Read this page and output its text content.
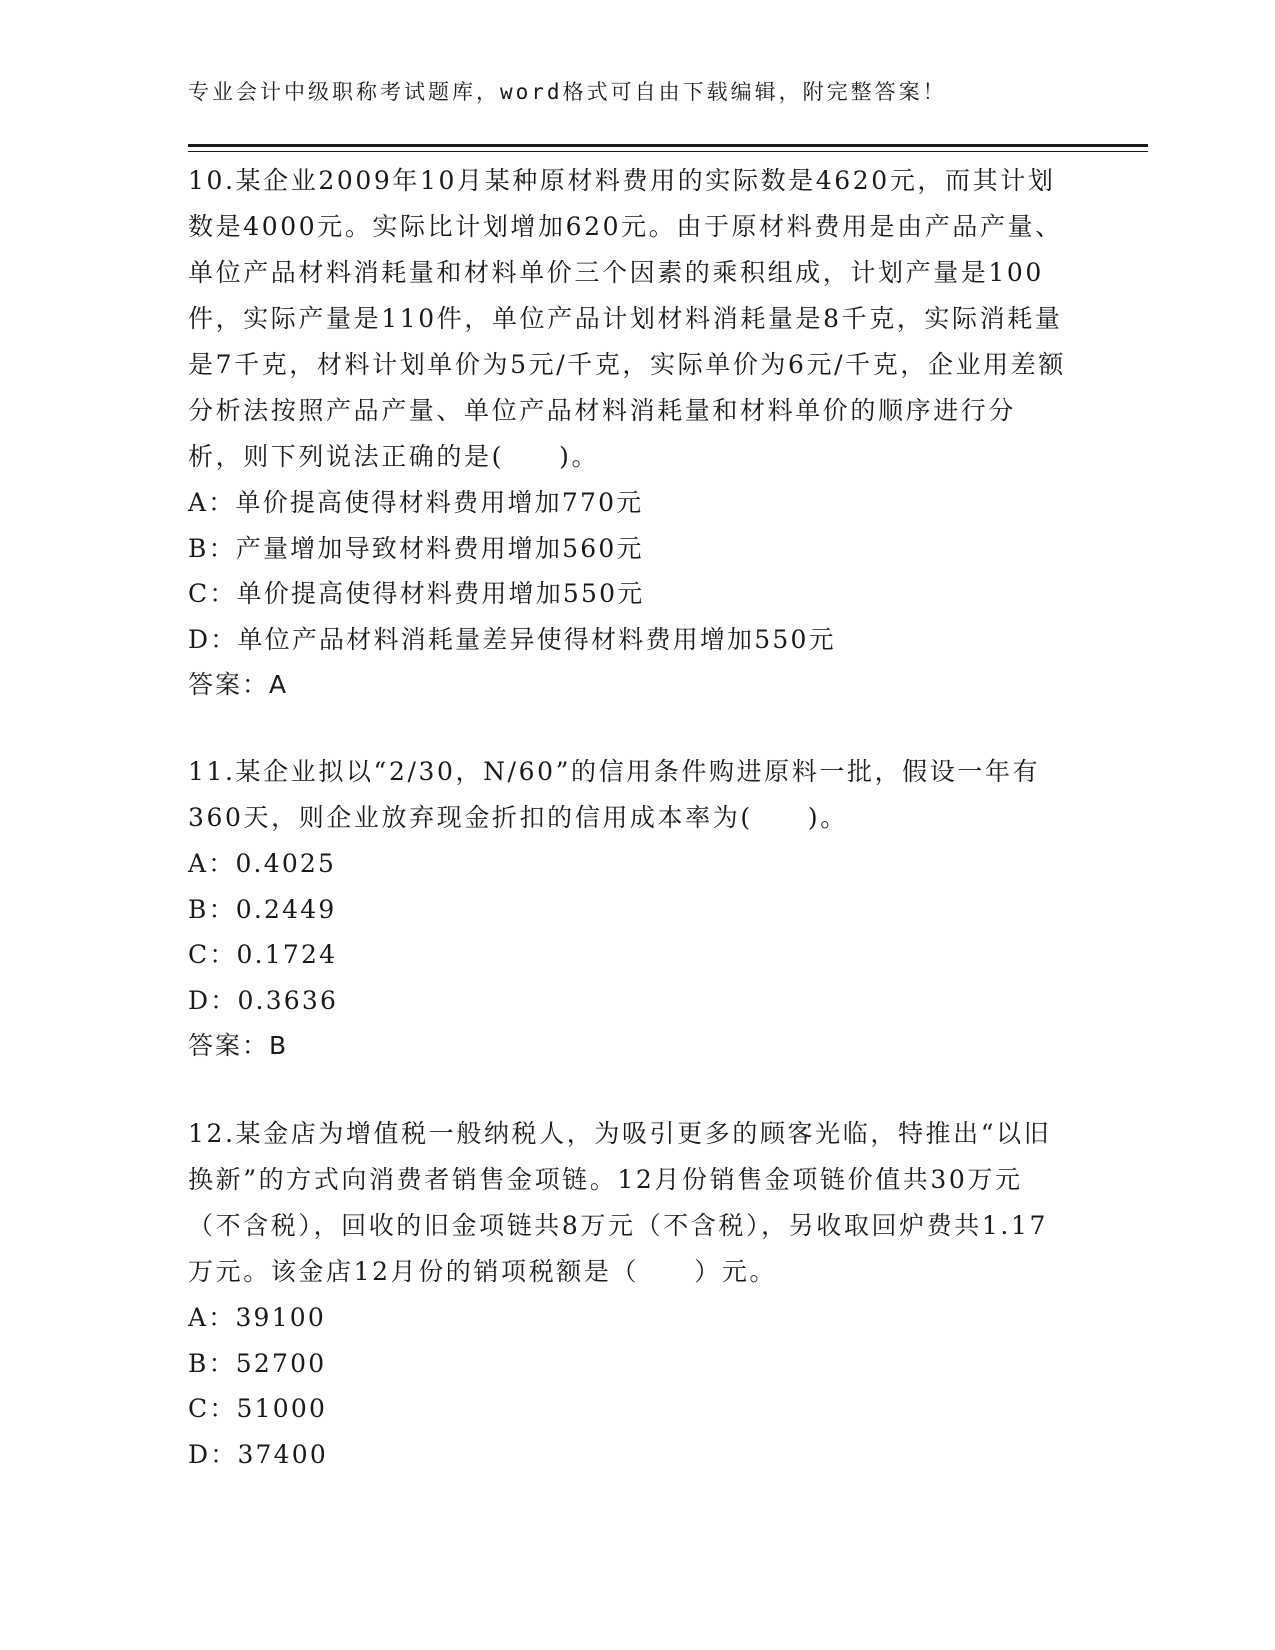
专业会计中级职称考试题库，word格式可自由下载编辑，附完整答案！

10.某企业2009年10月某种原材料费用的实际数是4620元，而其计划数是4000元。实际比计划增加620元。由于原材料费用是由产品产量、单位产品材料消耗量和材料单价三个因素的乘积组成，计划产量是100件，实际产量是110件，单位产品计划材料消耗量是8千克，实际消耗量是7千克，材料计划单价为5元/千克，实际单价为6元/千克，企业用差额分析法按照产品产量、单位产品材料消耗量和材料单价的顺序进行分析，则下列说法正确的是(　　)。

A：单价提高使得材料费用增加770元

B：产量增加导致材料费用增加560元

C：单价提高使得材料费用增加550元

D：单位产品材料消耗量差异使得材料费用增加550元

答案：A

11.某企业拟以“2/30，N/60”的信用条件购进原料一批，假设一年有360天，则企业放弃现金折扣的信用成本率为(　　)。

A：0.4025

B：0.2449

C：0.1724

D：0.3636

答案：B

12.某金店为增值税一般纳税人，为吸引更多的顾客光临，特推出“以旧换新”的方式向消费者销售金项链。12月份销售金项链价值共30万元（不含税），回收的旧金项链共8万元（不含税），另收取回炉费共1.17万元。该金店12月份的销项税额是（　　）元。

A：39100

B：52700

C：51000

D：37400
